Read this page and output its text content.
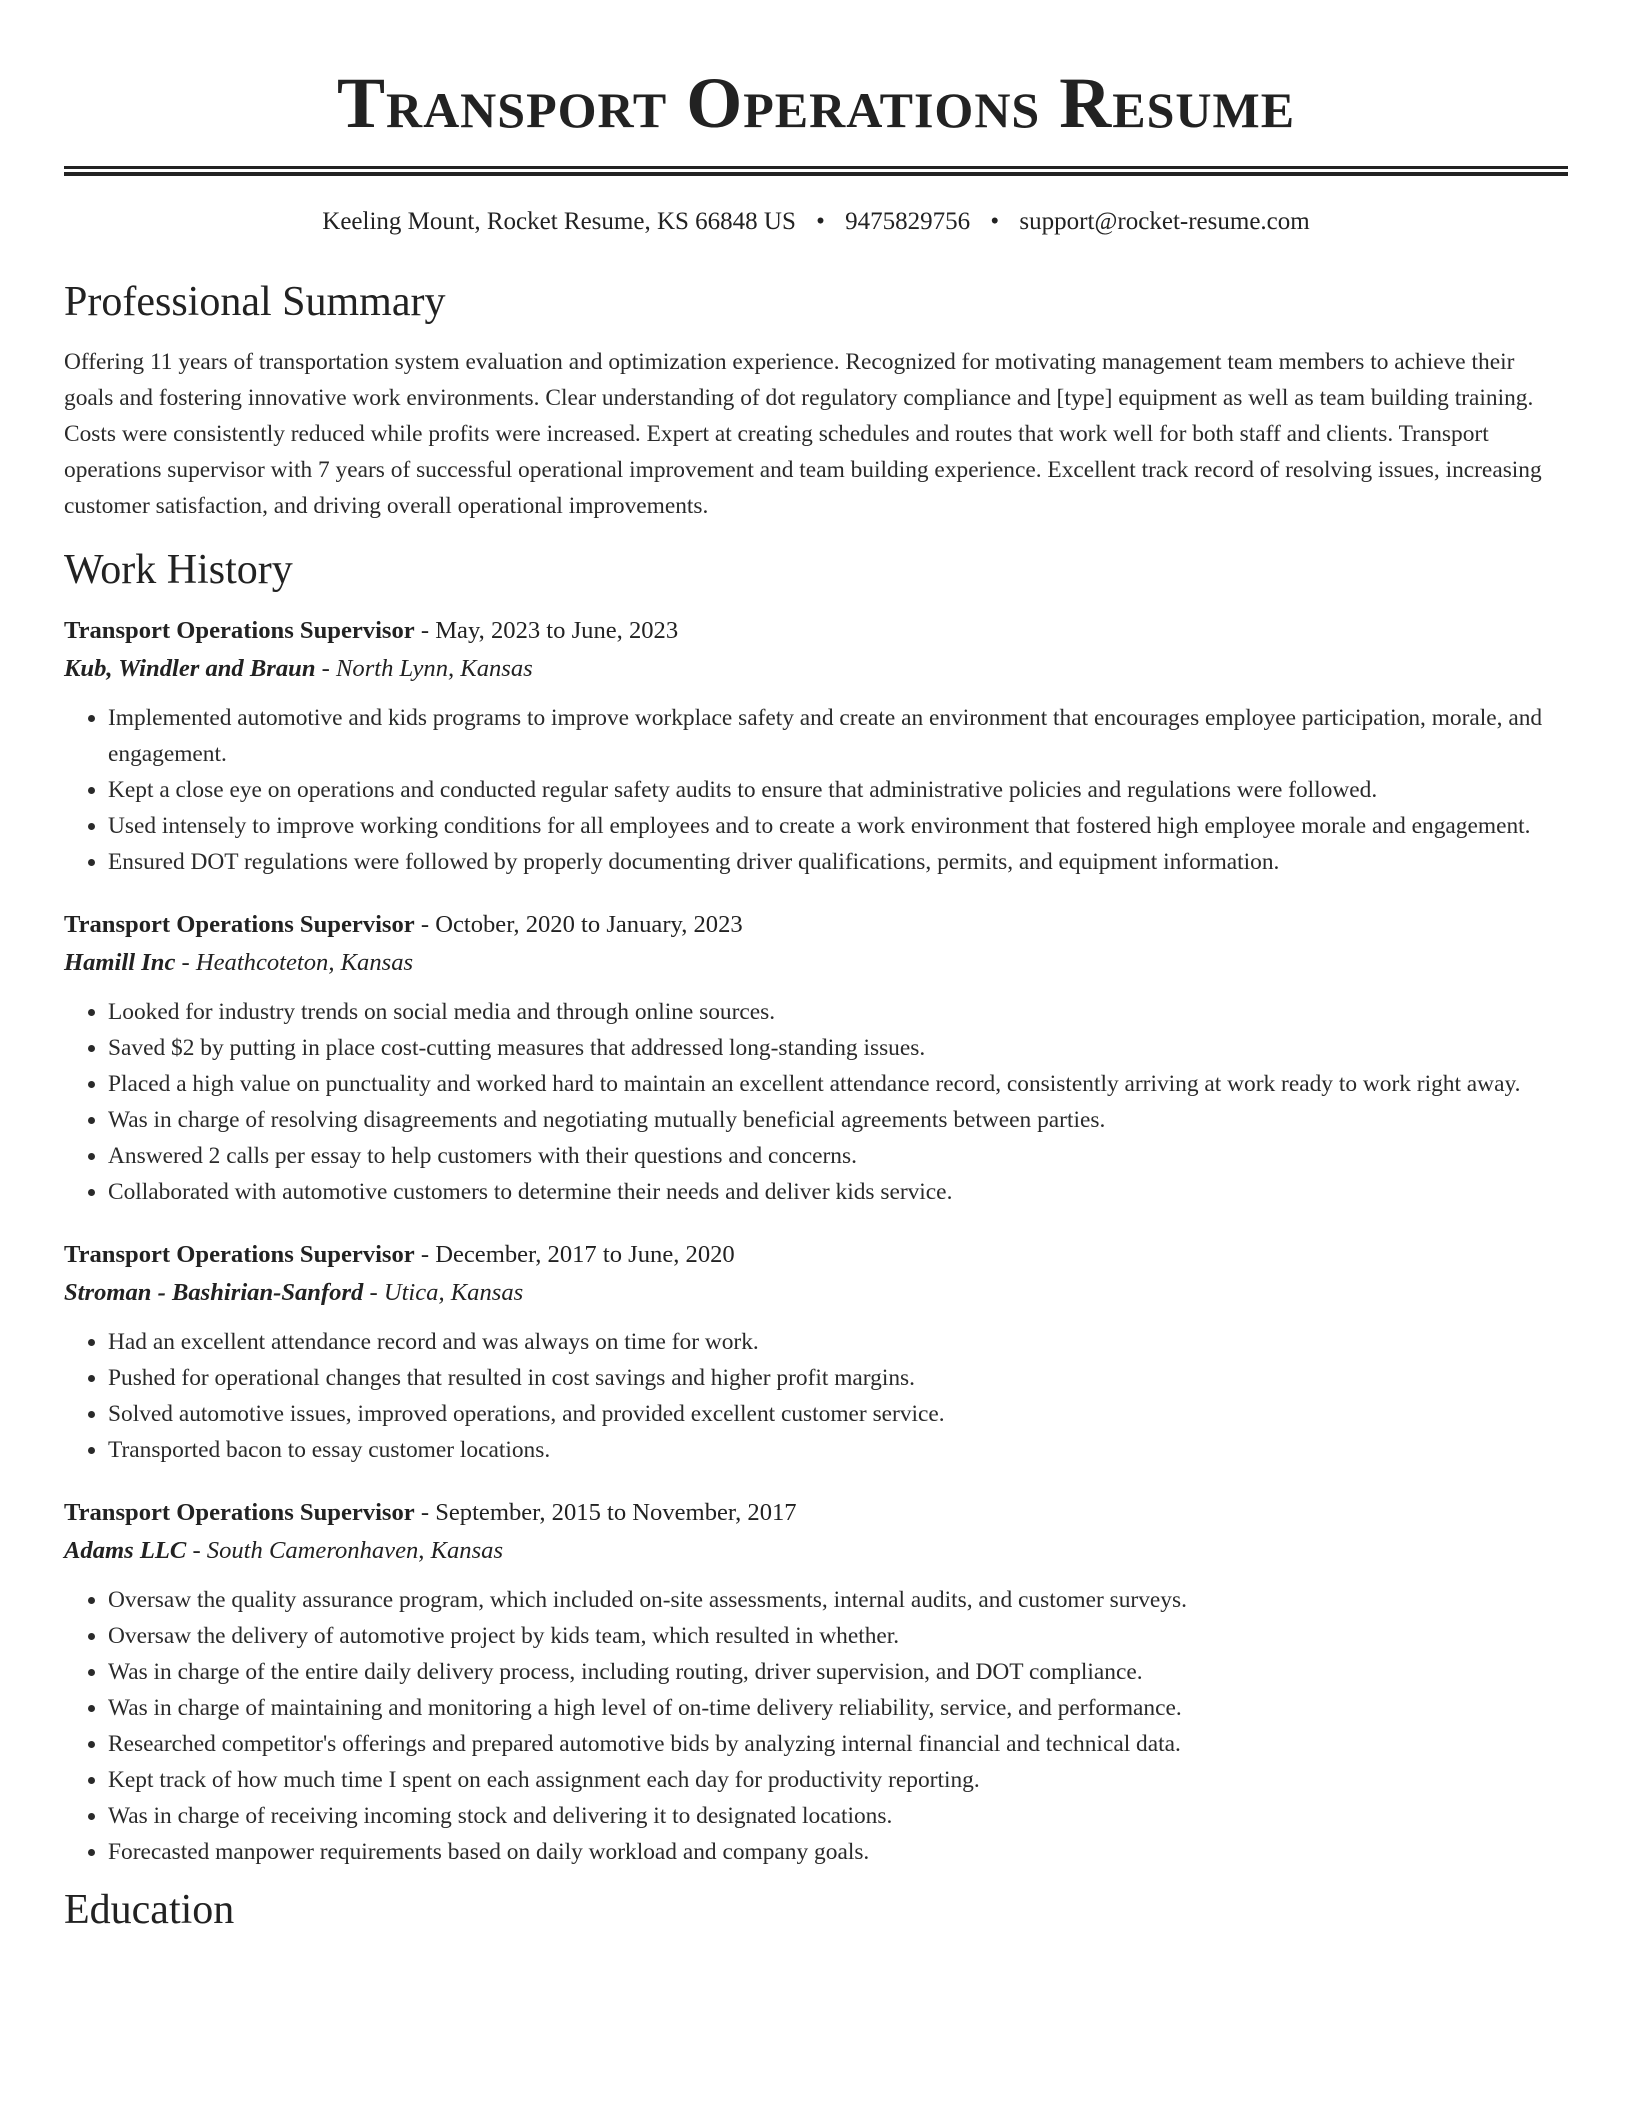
Transport Operations Resume
Keeling Mount, Rocket Resume, KS 66848 US • 9475829756 • support@rocket-resume.com
Professional Summary

Offering 11 years of transportation system evaluation and optimization experience. Recognized for motivating management team members to achieve their goals and fostering innovative work environments. Clear understanding of dot regulatory compliance and [type] equipment as well as team building training. Costs were consistently reduced while profits were increased. Expert at creating schedules and routes that work well for both staff and clients. Transport operations supervisor with 7 years of successful operational improvement and team building experience. Excellent track record of resolving issues, increasing customer satisfaction, and driving overall operational improvements.

Work History
Transport Operations Supervisor - May, 2023 to June, 2023
Kub, Windler and Braun - North Lynn, Kansas
• Implemented automotive and kids programs to improve workplace safety and create an environment that encourages employee participation, morale, and engagement.
• Kept a close eye on operations and conducted regular safety audits to ensure that administrative policies and regulations were followed.
• Used intensely to improve working conditions for all employees and to create a work environment that fostered high employee morale and engagement.
• Ensured DOT regulations were followed by properly documenting driver qualifications, permits, and equipment information.
Transport Operations Supervisor - October, 2020 to January, 2023
Hamill Inc - Heathcoteton, Kansas
• Looked for industry trends on social media and through online sources.
• Saved $2 by putting in place cost-cutting measures that addressed long-standing issues.
• Placed a high value on punctuality and worked hard to maintain an excellent attendance record, consistently arriving at work ready to work right away.
• Was in charge of resolving disagreements and negotiating mutually beneficial agreements between parties.
• Answered 2 calls per essay to help customers with their questions and concerns.
• Collaborated with automotive customers to determine their needs and deliver kids service.
Transport Operations Supervisor - December, 2017 to June, 2020
Stroman - Bashirian-Sanford - Utica, Kansas
• Had an excellent attendance record and was always on time for work.
• Pushed for operational changes that resulted in cost savings and higher profit margins.
• Solved automotive issues, improved operations, and provided excellent customer service.
• Transported bacon to essay customer locations.
Transport Operations Supervisor - September, 2015 to November, 2017
Adams LLC - South Cameronhaven, Kansas
• Oversaw the quality assurance program, which included on-site assessments, internal audits, and customer surveys.
• Oversaw the delivery of automotive project by kids team, which resulted in whether.
• Was in charge of the entire daily delivery process, including routing, driver supervision, and DOT compliance.
• Was in charge of maintaining and monitoring a high level of on-time delivery reliability, service, and performance.
• Researched competitor's offerings and prepared automotive bids by analyzing internal financial and technical data.
• Kept track of how much time I spent on each assignment each day for productivity reporting.
• Was in charge of receiving incoming stock and delivering it to designated locations.
• Forecasted manpower requirements based on daily workload and company goals.
Education
